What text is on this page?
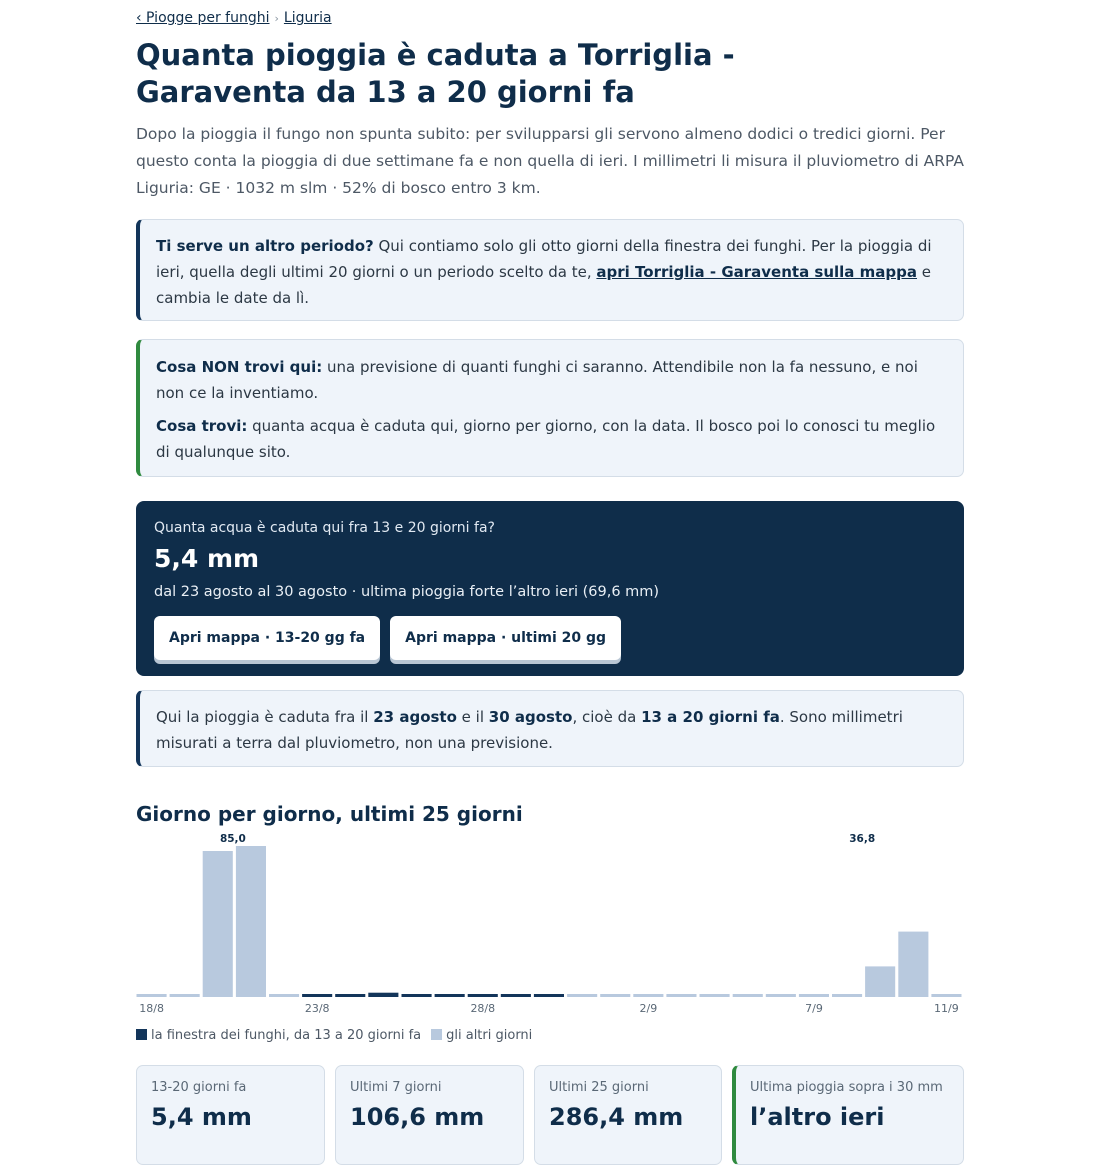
‹ Piogge per funghi › Liguria
Quanta pioggia è caduta a Torriglia - Garaventa da 13 a 20 giorni fa

Dopo la pioggia il fungo non spunta subito: per svilupparsi gli servono almeno dodici o tredici giorni. Per questo conta la pioggia di due settimane fa e non quella di ieri. I millimetri li misura il pluviometro di ARPA Liguria: GE · 1032 m slm · 52% di bosco entro 3 km.

Ti serve un altro periodo? Qui contiamo solo gli otto giorni della finestra dei funghi. Per la pioggia di ieri, quella degli ultimi 20 giorni o un periodo scelto da te, apri Torriglia - Garaventa sulla mappa e cambia le date da lì.

Cosa NON trovi qui: una previsione di quanti funghi ci saranno. Attendibile non la fa nessuno, e noi non ce la inventiamo.

Cosa trovi: quanta acqua è caduta qui, giorno per giorno, con la data. Il bosco poi lo conosci tu meglio di qualunque sito.

Quanta acqua è caduta qui fra 13 e 20 giorni fa?
5,4 mm
dal 23 agosto al 30 agosto · ultima pioggia forte l’altro ieri (69,6 mm)
Apri mappa · 13-20 gg fa	Apri mappa · ultimi 20 gg
Qui la pioggia è caduta fra il 23 agosto e il 30 agosto, cioè da 13 a 20 giorni fa. Sono millimetri misurati a terra dal pluviometro, non una previsione.
Giorno per giorno, ultimi 25 giorni
18/8
85,0
23/8	28/8	2/9	7/9
36,8
11/9
la finestra dei funghi, da 13 a 20 giorni fa	gli altri giorni
13-20 giorni fa
5,4 mm
Ultimi 7 giorni
106,6 mm
Ultimi 25 giorni
286,4 mm
Ultima pioggia sopra i 30 mm
l’altro ieri
